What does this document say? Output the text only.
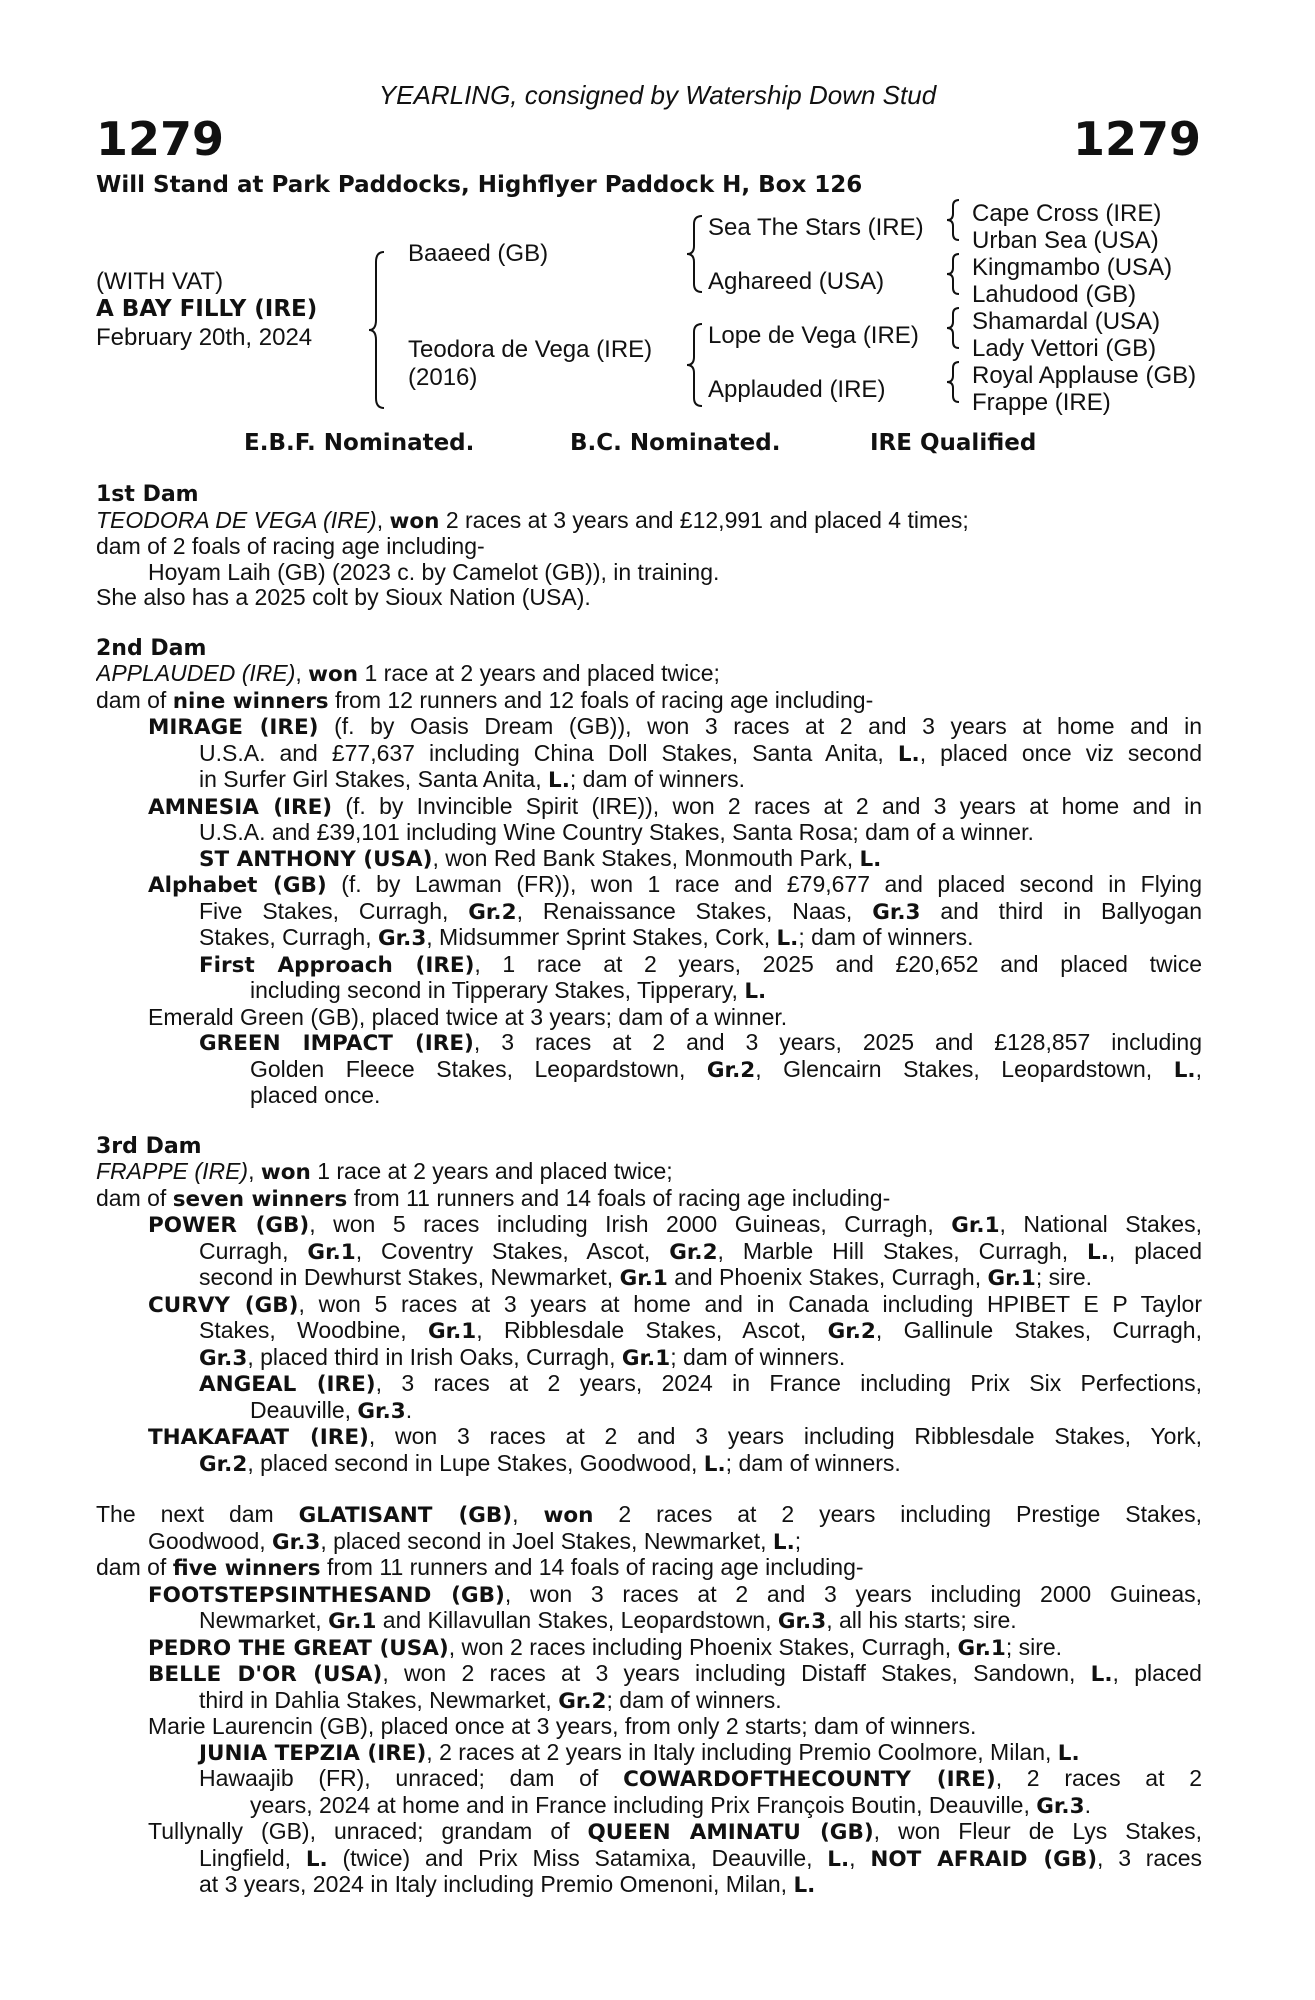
YEARLING, consigned by Watership Down Stud
1279	1279
Will Stand at Park Paddocks, Highflyer Paddock H, Box 126
(WITH VAT)
A BAY FILLY (IRE)
February 20th, 2024
Baaeed (GB)
Teodora de Vega (IRE)
(2016)
Sea The Stars (IRE)
Aghareed (USA)
Lope de Vega (IRE)
Applauded (IRE)
Cape Cross (IRE)
Urban Sea (USA)
Kingmambo (USA)
Lahudood (GB)
Shamardal (USA)
Lady Vettori (GB)
Royal Applause (GB)
Frappe (IRE)
E.B.F. Nominated.	B.C. Nominated.	IRE Qualified
1st Dam
TEODORA DE VEGA (IRE), won 2 races at 3 years and £12,991 and placed 4 times;
dam of 2 foals of racing age including-
Hoyam Laih (GB) (2023 c. by Camelot (GB)), in training.
She also has a 2025 colt by Sioux Nation (USA).
2nd Dam
APPLAUDED (IRE), won 1 race at 2 years and placed twice;
dam of nine winners from 12 runners and 12 foals of racing age including-
MIRAGE (IRE) (f. by Oasis Dream (GB)), won 3 races at 2 and 3 years at home and in
U.S.A. and £77,637 including China Doll Stakes, Santa Anita, L., placed once viz second
in Surfer Girl Stakes, Santa Anita, L.; dam of winners.
AMNESIA (IRE) (f. by Invincible Spirit (IRE)), won 2 races at 2 and 3 years at home and in
U.S.A. and £39,101 including Wine Country Stakes, Santa Rosa; dam of a winner.
ST ANTHONY (USA), won Red Bank Stakes, Monmouth Park, L.
Alphabet (GB) (f. by Lawman (FR)), won 1 race and £79,677 and placed second in Flying
Five Stakes, Curragh, Gr.2, Renaissance Stakes, Naas, Gr.3 and third in Ballyogan
Stakes, Curragh, Gr.3, Midsummer Sprint Stakes, Cork, L.; dam of winners.
First Approach (IRE), 1 race at 2 years, 2025 and £20,652 and placed twice
including second in Tipperary Stakes, Tipperary, L.
Emerald Green (GB), placed twice at 3 years; dam of a winner.
GREEN IMPACT (IRE), 3 races at 2 and 3 years, 2025 and £128,857 including
Golden Fleece Stakes, Leopardstown, Gr.2, Glencairn Stakes, Leopardstown, L.,
placed once.
3rd Dam
FRAPPE (IRE), won 1 race at 2 years and placed twice;
dam of seven winners from 11 runners and 14 foals of racing age including-
POWER (GB), won 5 races including Irish 2000 Guineas, Curragh, Gr.1, National Stakes,
Curragh, Gr.1, Coventry Stakes, Ascot, Gr.2, Marble Hill Stakes, Curragh, L., placed
second in Dewhurst Stakes, Newmarket, Gr.1 and Phoenix Stakes, Curragh, Gr.1; sire.
CURVY (GB), won 5 races at 3 years at home and in Canada including HPIBET E P Taylor
Stakes, Woodbine, Gr.1, Ribblesdale Stakes, Ascot, Gr.2, Gallinule Stakes, Curragh,
Gr.3, placed third in Irish Oaks, Curragh, Gr.1; dam of winners.
ANGEAL (IRE), 3 races at 2 years, 2024 in France including Prix Six Perfections,
Deauville, Gr.3.
THAKAFAAT (IRE), won 3 races at 2 and 3 years including Ribblesdale Stakes, York,
Gr.2, placed second in Lupe Stakes, Goodwood, L.; dam of winners.
The next dam GLATISANT (GB), won 2 races at 2 years including Prestige Stakes,
Goodwood, Gr.3, placed second in Joel Stakes, Newmarket, L.;
dam of five winners from 11 runners and 14 foals of racing age including-
FOOTSTEPSINTHESAND (GB), won 3 races at 2 and 3 years including 2000 Guineas,
Newmarket, Gr.1 and Killavullan Stakes, Leopardstown, Gr.3, all his starts; sire.
PEDRO THE GREAT (USA), won 2 races including Phoenix Stakes, Curragh, Gr.1; sire.
BELLE D'OR (USA), won 2 races at 3 years including Distaff Stakes, Sandown, L., placed
third in Dahlia Stakes, Newmarket, Gr.2; dam of winners.
Marie Laurencin (GB), placed once at 3 years, from only 2 starts; dam of winners.
JUNIA TEPZIA (IRE), 2 races at 2 years in Italy including Premio Coolmore, Milan, L.
Hawaajib (FR), unraced; dam of COWARDOFTHECOUNTY (IRE), 2 races at 2
years, 2024 at home and in France including Prix François Boutin, Deauville, Gr.3.
Tullynally (GB), unraced; grandam of QUEEN AMINATU (GB), won Fleur de Lys Stakes,
Lingfield, L. (twice) and Prix Miss Satamixa, Deauville, L., NOT AFRAID (GB), 3 races
at 3 years, 2024 in Italy including Premio Omenoni, Milan, L.
